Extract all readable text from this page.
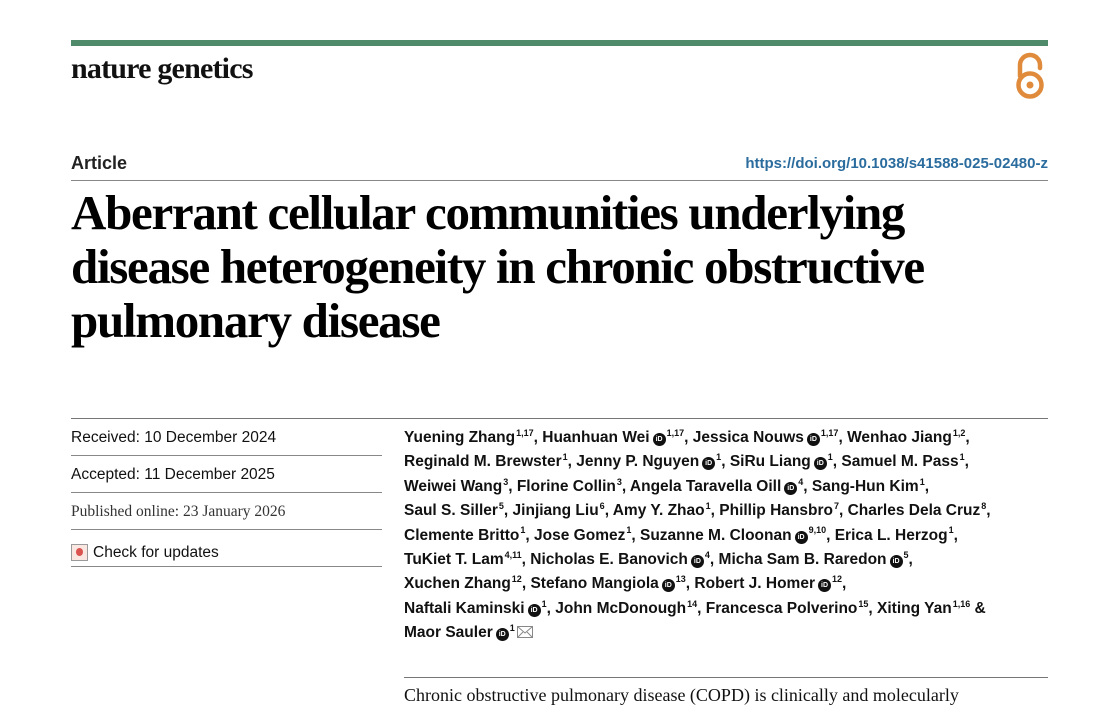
nature genetics
Article	https://doi.org/10.1038/s41588-025-02480-z
Aberrant cellular communities underlying disease heterogeneity in chronic obstructive pulmonary disease
Received: 10 December 2024
Accepted: 11 December 2025
Published online: 23 January 2026
Check for updates
Yuening Zhang$^{1,17}$, Huanhuan Wei iD$^{1,17}$, Jessica Nouws iD$^{1,17}$, Wenhao Jiang$^{1,2}$,
Reginald M. Brewster$^1$, Jenny P. Nguyen $iD^1$, SiRu Liang $iD^1$, Samuel M. Pass$^1$,
Weiwei Wang$^3$, Florine Collin$^3$, Angela Taravella Oill $iD^4$, Sang-Hun Kim$^1$,
Saul S. Siller$^5$, Jinjiang Liu$^6$, Amy Y. Zhao$^1$, Phillip Hansbro$^7$, Charles Dela Cruz$^8$,
Clemente Britto$^1$, Jose Gomez$^1$, Suzanne M. Cloonan iD$^{9,10}$, Erica L. Herzog$^1$,
TuKiet T. Lam$^{4,11}$, Nicholas E. Banovich $iD^4$, Micha Sam B. Raredon $iD^5$,
Xuchen Zhang$^{12}$, Stefano Mangiola $iD^{13}$, Robert J. Homer $iD^{12}$,
Naftali Kaminski $iD^1$, John McDonough$^{14}$, Francesca Polverino$^{15}$, Xiting Yan$^{1,16}$ &
Maor Sauler $iD^1$

Chronic obstructive pulmonary disease (COPD) is clinically and molecularly
